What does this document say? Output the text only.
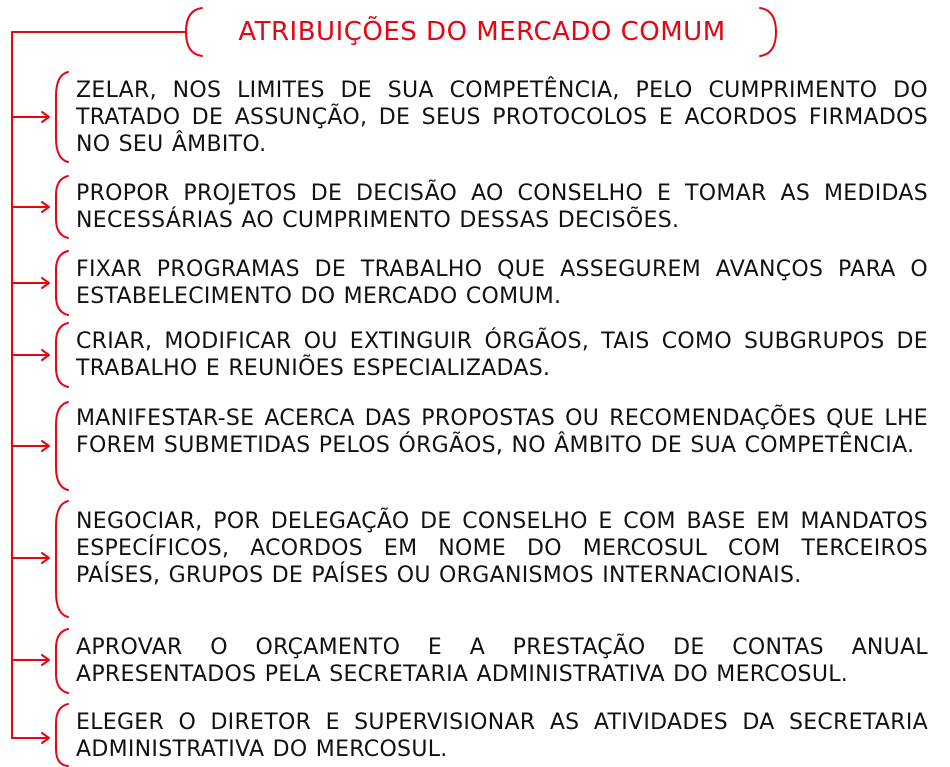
ATRIBUIÇÕES DO MERCADO COMUM
ZELAR, NOS LIMITES DE SUA COMPETÊNCIA, PELO CUMPRIMENTO DO TRATADO DE ASSUNÇÃO, DE SEUS PROTOCOLOS E ACORDOS FIRMADOS NO SEU ÂMBITO.
PROPOR PROJETOS DE DECISÃO AO CONSELHO E TOMAR AS MEDIDAS NECESSÁRIAS AO CUMPRIMENTO DESSAS DECISÕES.
FIXAR PROGRAMAS DE TRABALHO QUE ASSEGUREM AVANÇOS PARA O ESTABELECIMENTO DO MERCADO COMUM.
CRIAR, MODIFICAR OU EXTINGUIR ÓRGÃOS, TAIS COMO SUBGRUPOS DE TRABALHO E REUNIÕES ESPECIALIZADAS.
MANIFESTAR-SE ACERCA DAS PROPOSTAS OU RECOMENDAÇÕES QUE LHE FOREM SUBMETIDAS PELOS ÓRGÃOS, NO ÂMBITO DE SUA COMPETÊNCIA.
NEGOCIAR, POR DELEGAÇÃO DE CONSELHO E COM BASE EM MANDATOS ESPECÍFICOS, ACORDOS EM NOME DO MERCOSUL COM TERCEIROS PAÍSES, GRUPOS DE PAÍSES OU ORGANISMOS INTERNACIONAIS.
APROVAR O ORÇAMENTO E A PRESTAÇÃO DE CONTAS ANUAL APRESENTADOS PELA SECRETARIA ADMINISTRATIVA DO MERCOSUL.
ELEGER O DIRETOR E SUPERVISIONAR AS ATIVIDADES DA SECRETARIA ADMINISTRATIVA DO MERCOSUL.
